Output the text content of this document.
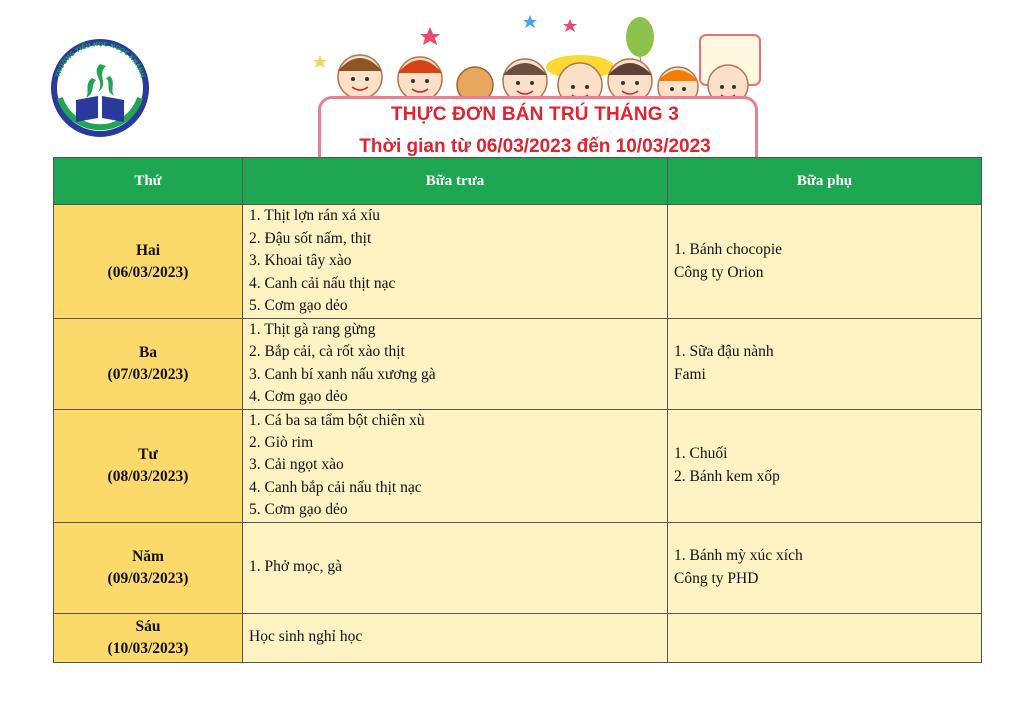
TRƯỜNG TIỂU HỌC NGỌC KHÁNH
THỰC ĐƠN BÁN TRÚ THÁNG 3
Thời gian từ 06/03/2023 đến 10/03/2023
Thứ	Bữa trưa	Bữa phụ

Hai
(06/03/2023)	1. Thịt lợn rán xá xíu
2. Đậu sốt nấm, thịt
3. Khoai tây xào
4. Canh cải nấu thịt nạc
5. Cơm gạo dẻo	1. Bánh chocopie
Công ty Orion

Ba
(07/03/2023)	1. Thịt gà rang gừng
2. Bắp cải, cà rốt xào thịt
3. Canh bí xanh nấu xương gà
4. Cơm gạo dẻo	1. Sữa đậu nành
Fami

Tư
(08/03/2023)	1. Cá ba sa tẩm bột chiên xù
2. Giò rim
3. Cải ngọt xào
4. Canh bắp cải nấu thịt nạc
5. Cơm gạo dẻo	1. Chuối
2. Bánh kem xốp

Năm
(09/03/2023)	1. Phở mọc, gà	1. Bánh mỳ xúc xích
Công ty PHD

Sáu
(10/03/2023)	Học sinh nghỉ học	
